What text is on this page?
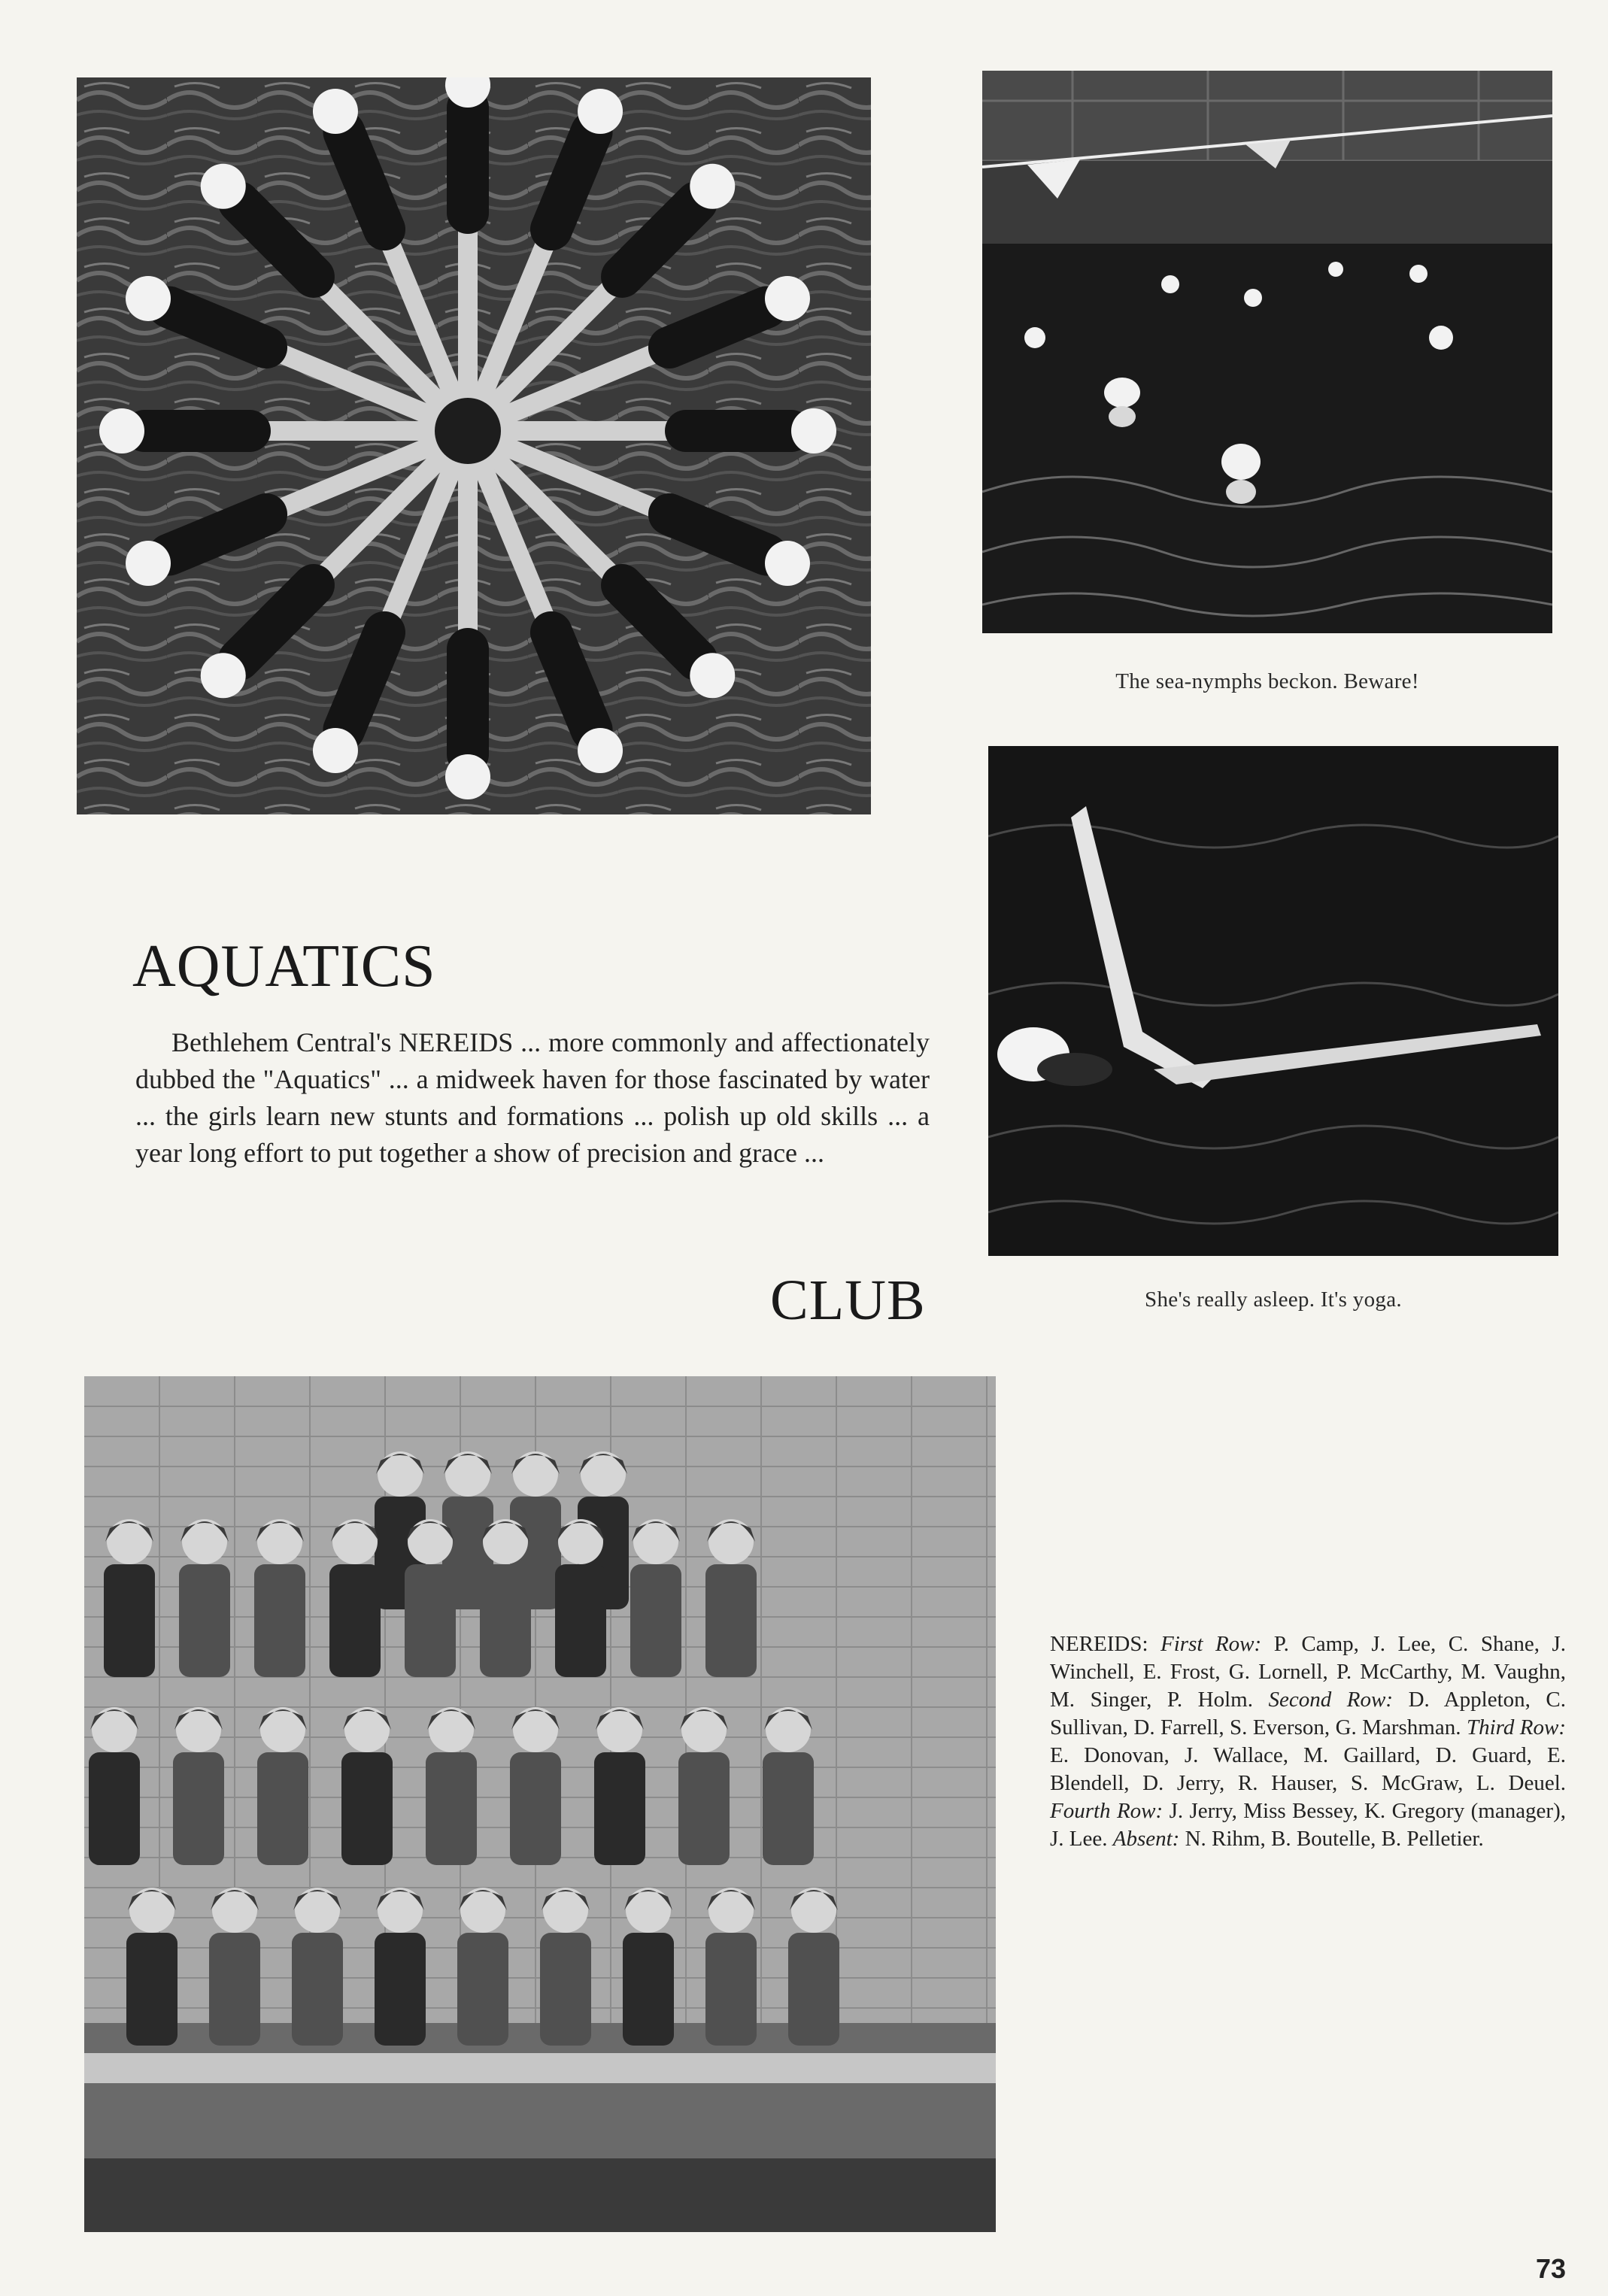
The sea-nymphs beckon. Beware!
She's really asleep. It's yoga.
AQUATICS
Bethlehem Central's NEREIDS ... more commonly and affectionately dubbed the "Aquatics" ... a midweek haven for those fascinated by water ... the girls learn new stunts and formations ... polish up old skills ... a year long effort to put together a show of precision and grace ...
CLUB
NEREIDS: First Row: P. Camp, J. Lee, C. Shane, J. Winchell, E. Frost, G. Lornell, P. McCarthy, M. Vaughn, M. Singer, P. Holm. Second Row: D. Appleton, C. Sullivan, D. Farrell, S. Everson, G. Marshman. Third Row: E. Donovan, J. Wallace, M. Gaillard, D. Guard, E. Blendell, D. Jerry, R. Hauser, S. McGraw, L. Deuel. Fourth Row: J. Jerry, Miss Bessey, K. Gregory (manager), J. Lee. Absent: N. Rihm, B. Boutelle, B. Pelletier.
73
